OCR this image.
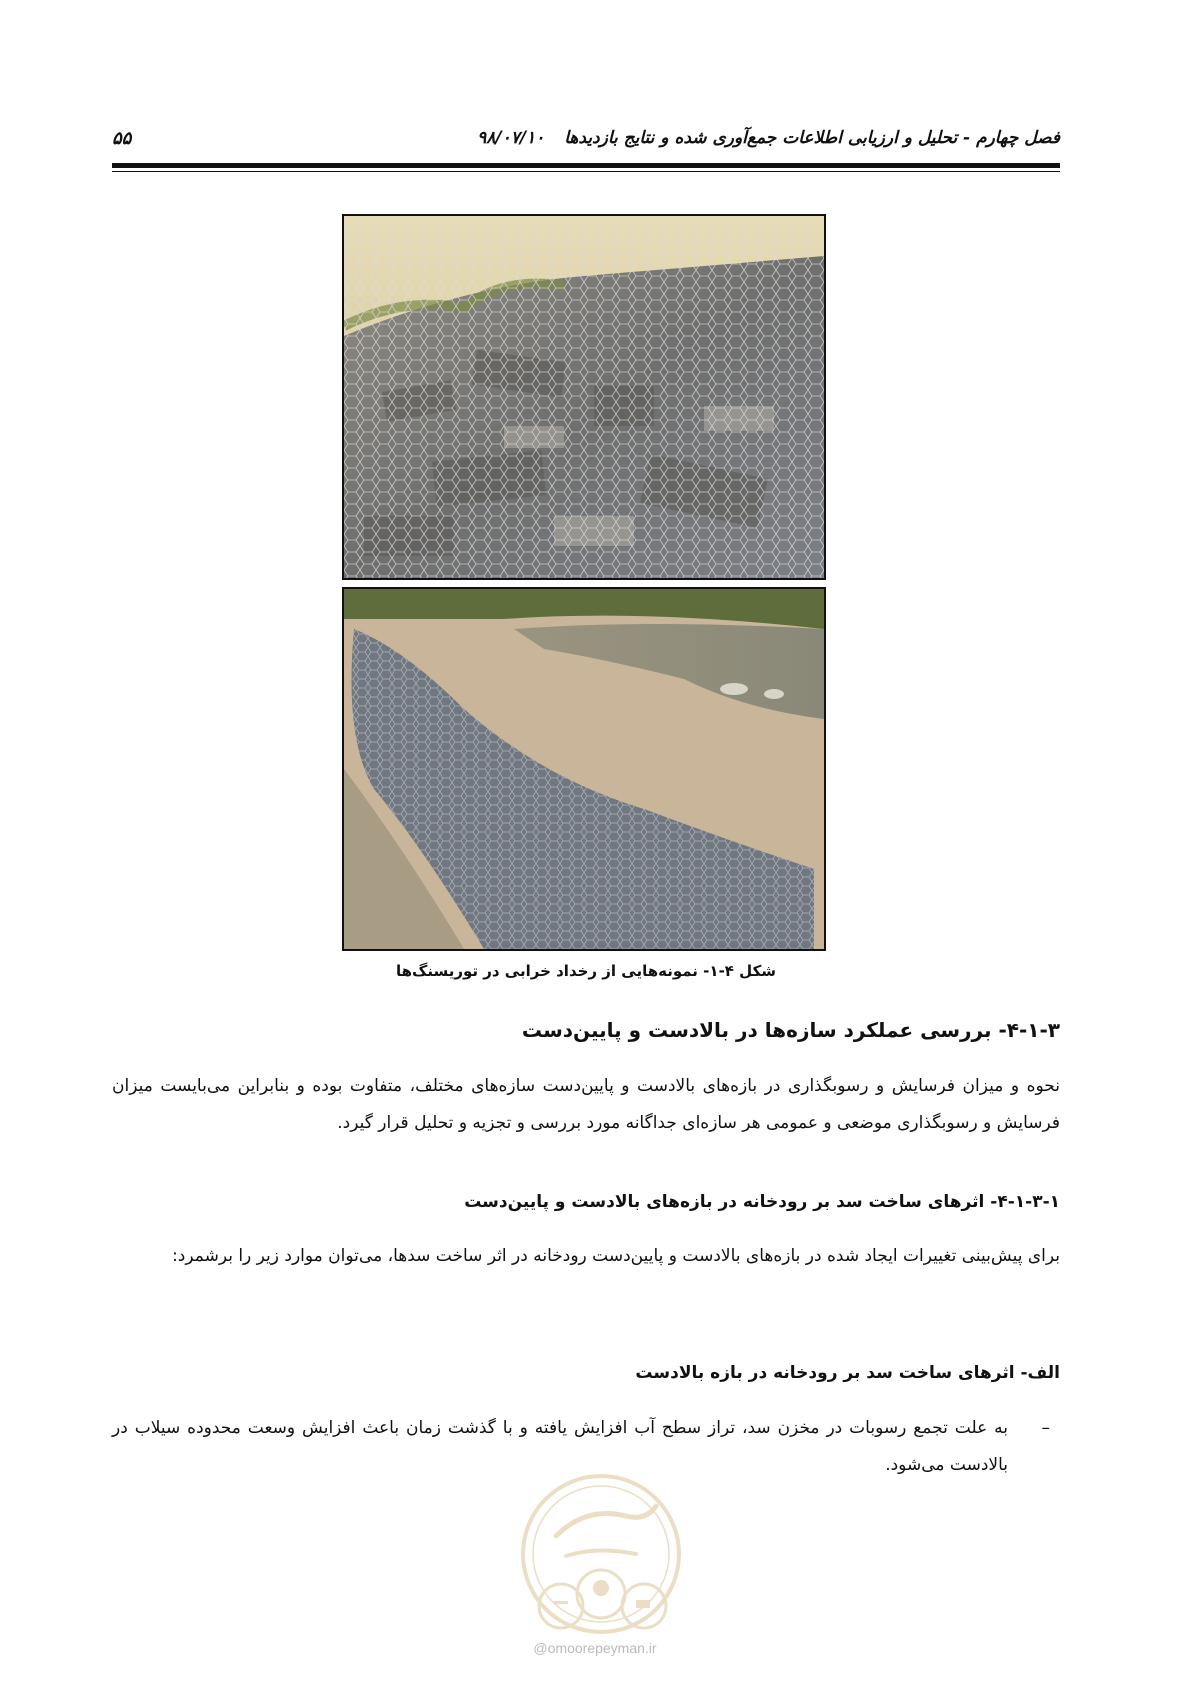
فصل چهارم - تحلیل و ارزیابی اطلاعات جمع‌آوری شده و نتایج بازدیدها ۹۸/۰۷/۱۰
۵۵
شکل ۴-۱- نمونه‌هایی از رخداد خرابی در توریسنگ‌ها
۴-۱-۳- بررسی عملکرد سازه‌ها در بالادست و پایین‌دست
نحوه و میزان فرسایش و رسوبگذاری در بازه‌های بالادست و پایین‌دست سازه‌های مختلف، متفاوت بوده و بنابراین می‌بایست میزان فرسایش و رسوبگذاری موضعی و عمومی هر سازه‌ای جداگانه مورد بررسی و تجزیه و تحلیل قرار گیرد.
۴-۱-۳-۱- اثرهای ساخت سد بر رودخانه در بازه‌های بالادست و پایین‌دست
برای پیش‌بینی تغییرات ایجاد شده در بازه‌های بالادست و پایین‌دست رودخانه در اثر ساخت سدها، می‌توان موارد زیر را برشمرد:
الف- اثرهای ساخت سد بر رودخانه در بازه بالادست
–
به علت تجمع رسوبات در مخزن سد، تراز سطح آب افزایش یافته و با گذشت زمان باعث افزایش وسعت محدوده سیلاب در بالادست می‌شود.
@omoorepeyman.ir
